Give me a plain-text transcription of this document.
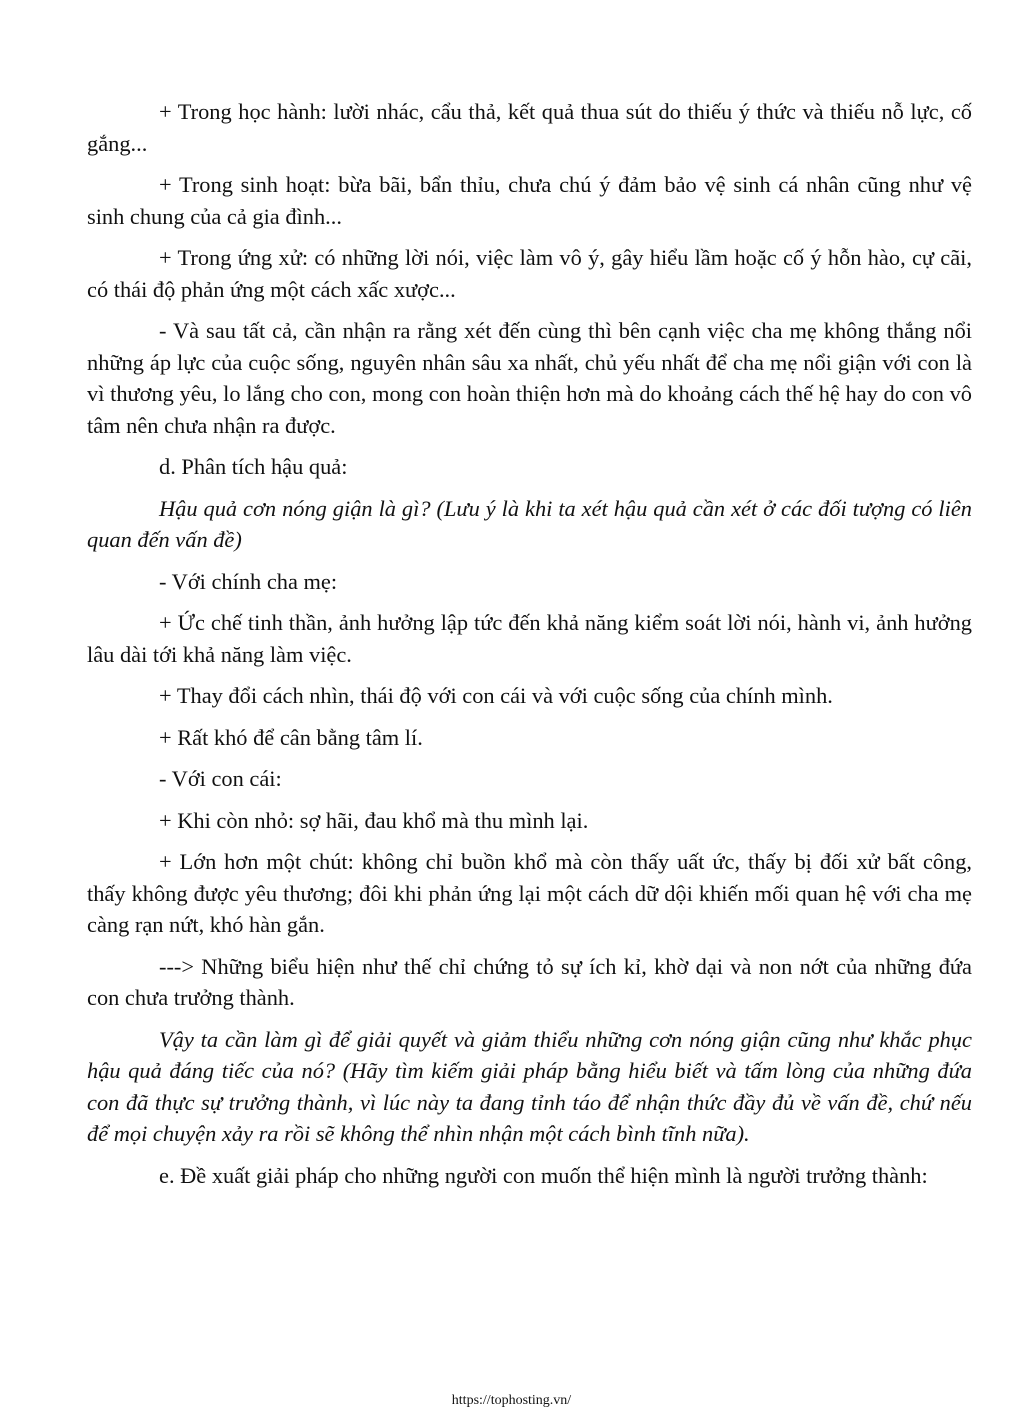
+ Trong học hành: lười nhác, cẩu thả, kết quả thua sút do thiếu ý thức và thiếu nỗ lực, cố gắng...

+ Trong sinh hoạt: bừa bãi, bẩn thỉu, chưa chú ý đảm bảo vệ sinh cá nhân cũng như vệ sinh chung của cả gia đình...

+ Trong ứng xử: có những lời nói, việc làm vô ý, gây hiểu lầm hoặc cố ý hỗn hào, cự cãi, có thái độ phản ứng một cách xấc xược...

- Và sau tất cả, cần nhận ra rằng xét đến cùng thì bên cạnh việc cha mẹ không thắng nổi những áp lực của cuộc sống, nguyên nhân sâu xa nhất, chủ yếu nhất để cha mẹ nổi giận với con là vì thương yêu, lo lắng cho con, mong con hoàn thiện hơn mà do khoảng cách thế hệ hay do con vô tâm nên chưa nhận ra được.

d. Phân tích hậu quả:

Hậu quả cơn nóng giận là gì? (Lưu ý là khi ta xét hậu quả cần xét ở các đối tượng có liên quan đến vấn đề)

- Với chính cha mẹ:

+ Ức chế tinh thần, ảnh hưởng lập tức đến khả năng kiểm soát lời nói, hành vi, ảnh hưởng lâu dài tới khả năng làm việc.

+ Thay đổi cách nhìn, thái độ với con cái và với cuộc sống của chính mình.

+ Rất khó để cân bằng tâm lí.

- Với con cái:

+ Khi còn nhỏ: sợ hãi, đau khổ mà thu mình lại.

+ Lớn hơn một chút: không chỉ buồn khổ mà còn thấy uất ức, thấy bị đối xử bất công, thấy không được yêu thương; đôi khi phản ứng lại một cách dữ dội khiến mối quan hệ với cha mẹ càng rạn nứt, khó hàn gắn.

---> Những biểu hiện như thế chỉ chứng tỏ sự ích kỉ, khờ dại và non nớt của những đứa con chưa trưởng thành.

Vậy ta cần làm gì để giải quyết và giảm thiểu những cơn nóng giận cũng như khắc phục hậu quả đáng tiếc của nó? (Hãy tìm kiếm giải pháp bằng hiểu biết và tấm lòng của những đứa con đã thực sự trưởng thành, vì lúc này ta đang tỉnh táo để nhận thức đầy đủ về vấn đề, chứ nếu để mọi chuyện xảy ra rồi sẽ không thể nhìn nhận một cách bình tĩnh nữa).

e. Đề xuất giải pháp cho những người con muốn thể hiện mình là người trưởng thành:

https://tophosting.vn/
